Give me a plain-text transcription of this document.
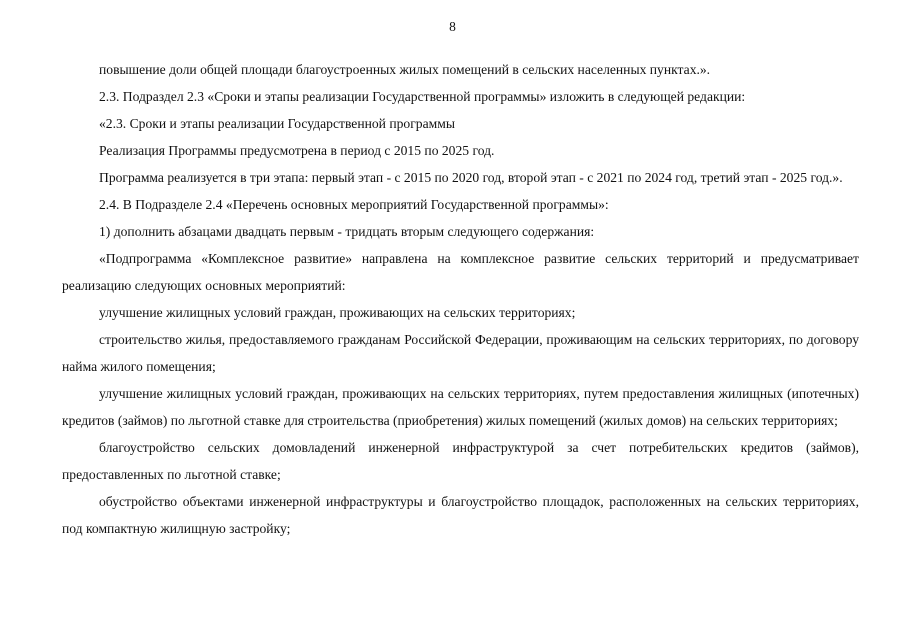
8

повышение доли общей площади благоустроенных жилых помещений в сельских населенных пунктах.».

2.3. Подраздел 2.3 «Сроки и этапы реализации Государственной программы» изложить в следующей редакции:

«2.3. Сроки и этапы реализации Государственной программы

Реализация Программы предусмотрена в период с 2015 по 2025 год.

Программа реализуется в три этапа: первый этап - с 2015 по 2020 год, второй этап - с 2021 по 2024 год, третий этап - 2025 год.».

2.4. В Подразделе 2.4 «Перечень основных мероприятий Государственной программы»:

1) дополнить абзацами двадцать первым - тридцать вторым следующего содержания:

«Подпрограмма «Комплексное развитие» направлена на комплексное развитие сельских территорий и предусматривает реализацию следующих основных мероприятий:

улучшение жилищных условий граждан, проживающих на сельских территориях;

строительство жилья, предоставляемого гражданам Российской Федерации, проживающим на сельских территориях, по договору найма жилого помещения;

улучшение жилищных условий граждан, проживающих на сельских территориях, путем предоставления жилищных (ипотечных) кредитов (займов) по льготной ставке для строительства (приобретения) жилых помещений (жилых домов) на сельских территориях;

благоустройство сельских домовладений инженерной инфраструктурой за счет потребительских кредитов (займов), предоставленных по льготной ставке;

обустройство объектами инженерной инфраструктуры и благоустройство площадок, расположенных на сельских территориях, под компактную жилищную застройку;
